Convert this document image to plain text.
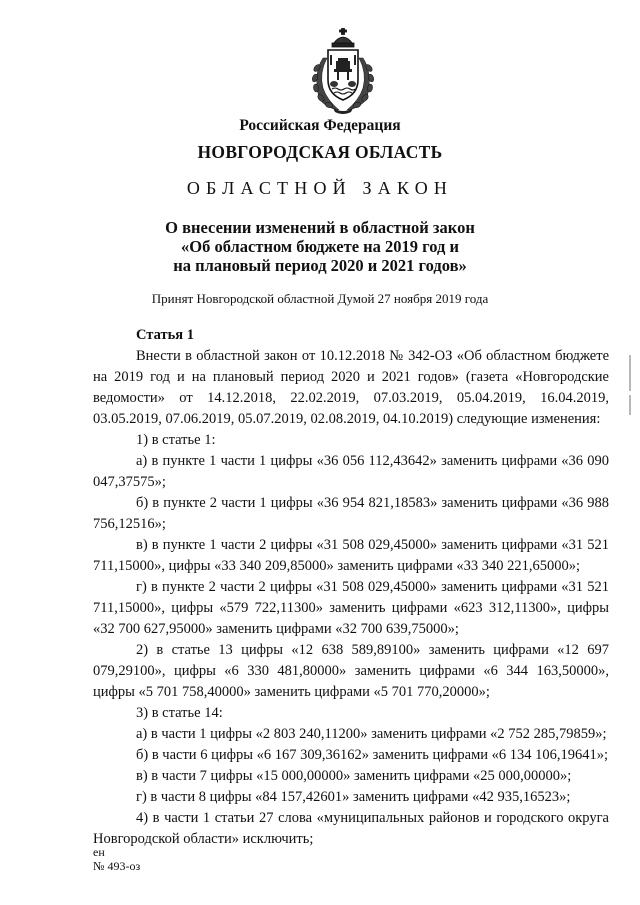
Российская Федерация
НОВГОРОДСКАЯ ОБЛАСТЬ
ОБЛАСТНОЙ ЗАКОН
О внесении изменений в областной закон
«Об областном бюджете на 2019 год и
на плановый период 2020 и 2021 годов»
Принят Новгородской областной Думой 27 ноября 2019 года

Статья 1

Внести в областной закон от 10.12.2018 № 342-ОЗ «Об областном бюджете на 2019 год и на плановый период 2020 и 2021 годов» (газета «Новгородские ведомости» от 14.12.2018, 22.02.2019, 07.03.2019, 05.04.2019, 16.04.2019, 03.05.2019, 07.06.2019, 05.07.2019, 02.08.2019, 04.10.2019) следующие изменения:

1) в статье 1:

а) в пункте 1 части 1 цифры «36 056 112,43642» заменить цифрами «36 090 047,37575»;

б) в пункте 2 части 1 цифры «36 954 821,18583» заменить цифрами «36 988 756,12516»;

в) в пункте 1 части 2 цифры «31 508 029,45000» заменить цифрами «31 521 711,15000», цифры «33 340 209,85000» заменить цифрами «33 340 221,65000»;

г) в пункте 2 части 2 цифры «31 508 029,45000» заменить цифрами «31 521 711,15000», цифры «579 722,11300» заменить цифрами «623 312,11300», цифры «32 700 627,95000» заменить цифрами «32 700 639,75000»;

2) в статье 13 цифры «12 638 589,89100» заменить цифрами «12 697 079,29100», цифры «6 330 481,80000» заменить цифрами «6 344 163,50000», цифры «5 701 758,40000» заменить цифрами «5 701 770,20000»;

3) в статье 14:

а) в части 1 цифры «2 803 240,11200» заменить цифрами «2 752 285,79859»;

б) в части 6 цифры «6 167 309,36162» заменить цифрами «6 134 106,19641»;

в) в части 7 цифры «15 000,00000» заменить цифрами «25 000,00000»;

г) в части 8 цифры «84 157,42601» заменить цифрами «42 935,16523»;

4) в части 1 статьи 27 слова «муниципальных районов и городского округа Новгородской области» исключить;

ен
№ 493-оз
